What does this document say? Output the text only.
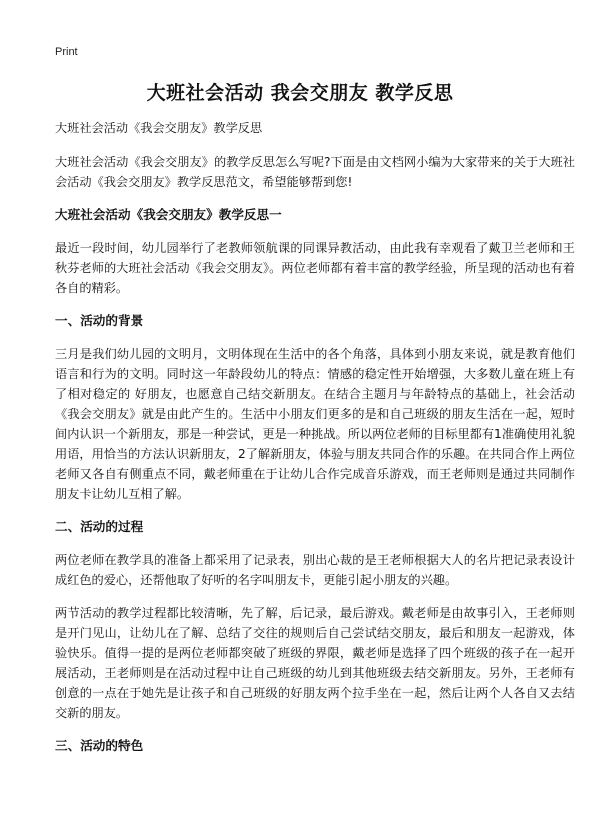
Print
大班社会活动 我会交朋友 教学反思

大班社会活动《我会交朋友》教学反思

大班社会活动《我会交朋友》的教学反思怎么写呢?下面是由文档网小编为大家带来的关于大班社会活动《我会交朋友》教学反思范文，希望能够帮到您!

大班社会活动《我会交朋友》教学反思一

最近一段时间，幼儿园举行了老教师领航课的同课异教活动，由此我有幸观看了戴卫兰老师和王秋芬老师的大班社会活动《我会交朋友》。两位老师都有着丰富的教学经验，所呈现的活动也有着各自的精彩。

一、活动的背景

三月是我们幼儿园的文明月，文明体现在生活中的各个角落，具体到小朋友来说，就是教育他们语言和行为的文明。同时这一年龄段幼儿的特点：情感的稳定性开始增强，大多数儿童在班上有了相对稳定的 好朋友，也愿意自己结交新朋友。在结合主题月与年龄特点的基础上，社会活动《我会交朋友》就是由此产生的。生活中小朋友们更多的是和自己班级的朋友生活在一起，短时间内认识一个新朋友，那是一种尝试，更是一种挑战。所以两位老师的目标里都有1准确使用礼貌用语，用恰当的方法认识新朋友，2了解新朋友，体验与朋友共同合作的乐趣。在共同合作上两位老师又各自有侧重点不同，戴老师重在于让幼儿合作完成音乐游戏，而王老师则是通过共同制作朋友卡让幼儿互相了解。

二、活动的过程

两位老师在教学具的准备上都采用了记录表，别出心裁的是王老师根据大人的名片把记录表设计成红色的爱心，还帮他取了好听的名字叫朋友卡，更能引起小朋友的兴趣。

两节活动的教学过程都比较清晰，先了解，后记录，最后游戏。戴老师是由故事引入，王老师则是开门见山，让幼儿在了解、总结了交往的规则后自己尝试结交朋友，最后和朋友一起游戏，体验快乐。值得一提的是两位老师都突破了班级的界限，戴老师是选择了四个班级的孩子在一起开展活动，王老师则是在活动过程中让自己班级的幼儿到其他班级去结交新朋友。另外，王老师有创意的一点在于她先是让孩子和自己班级的好朋友两个拉手坐在一起，然后让两个人各自又去结交新的朋友。

三、活动的特色
